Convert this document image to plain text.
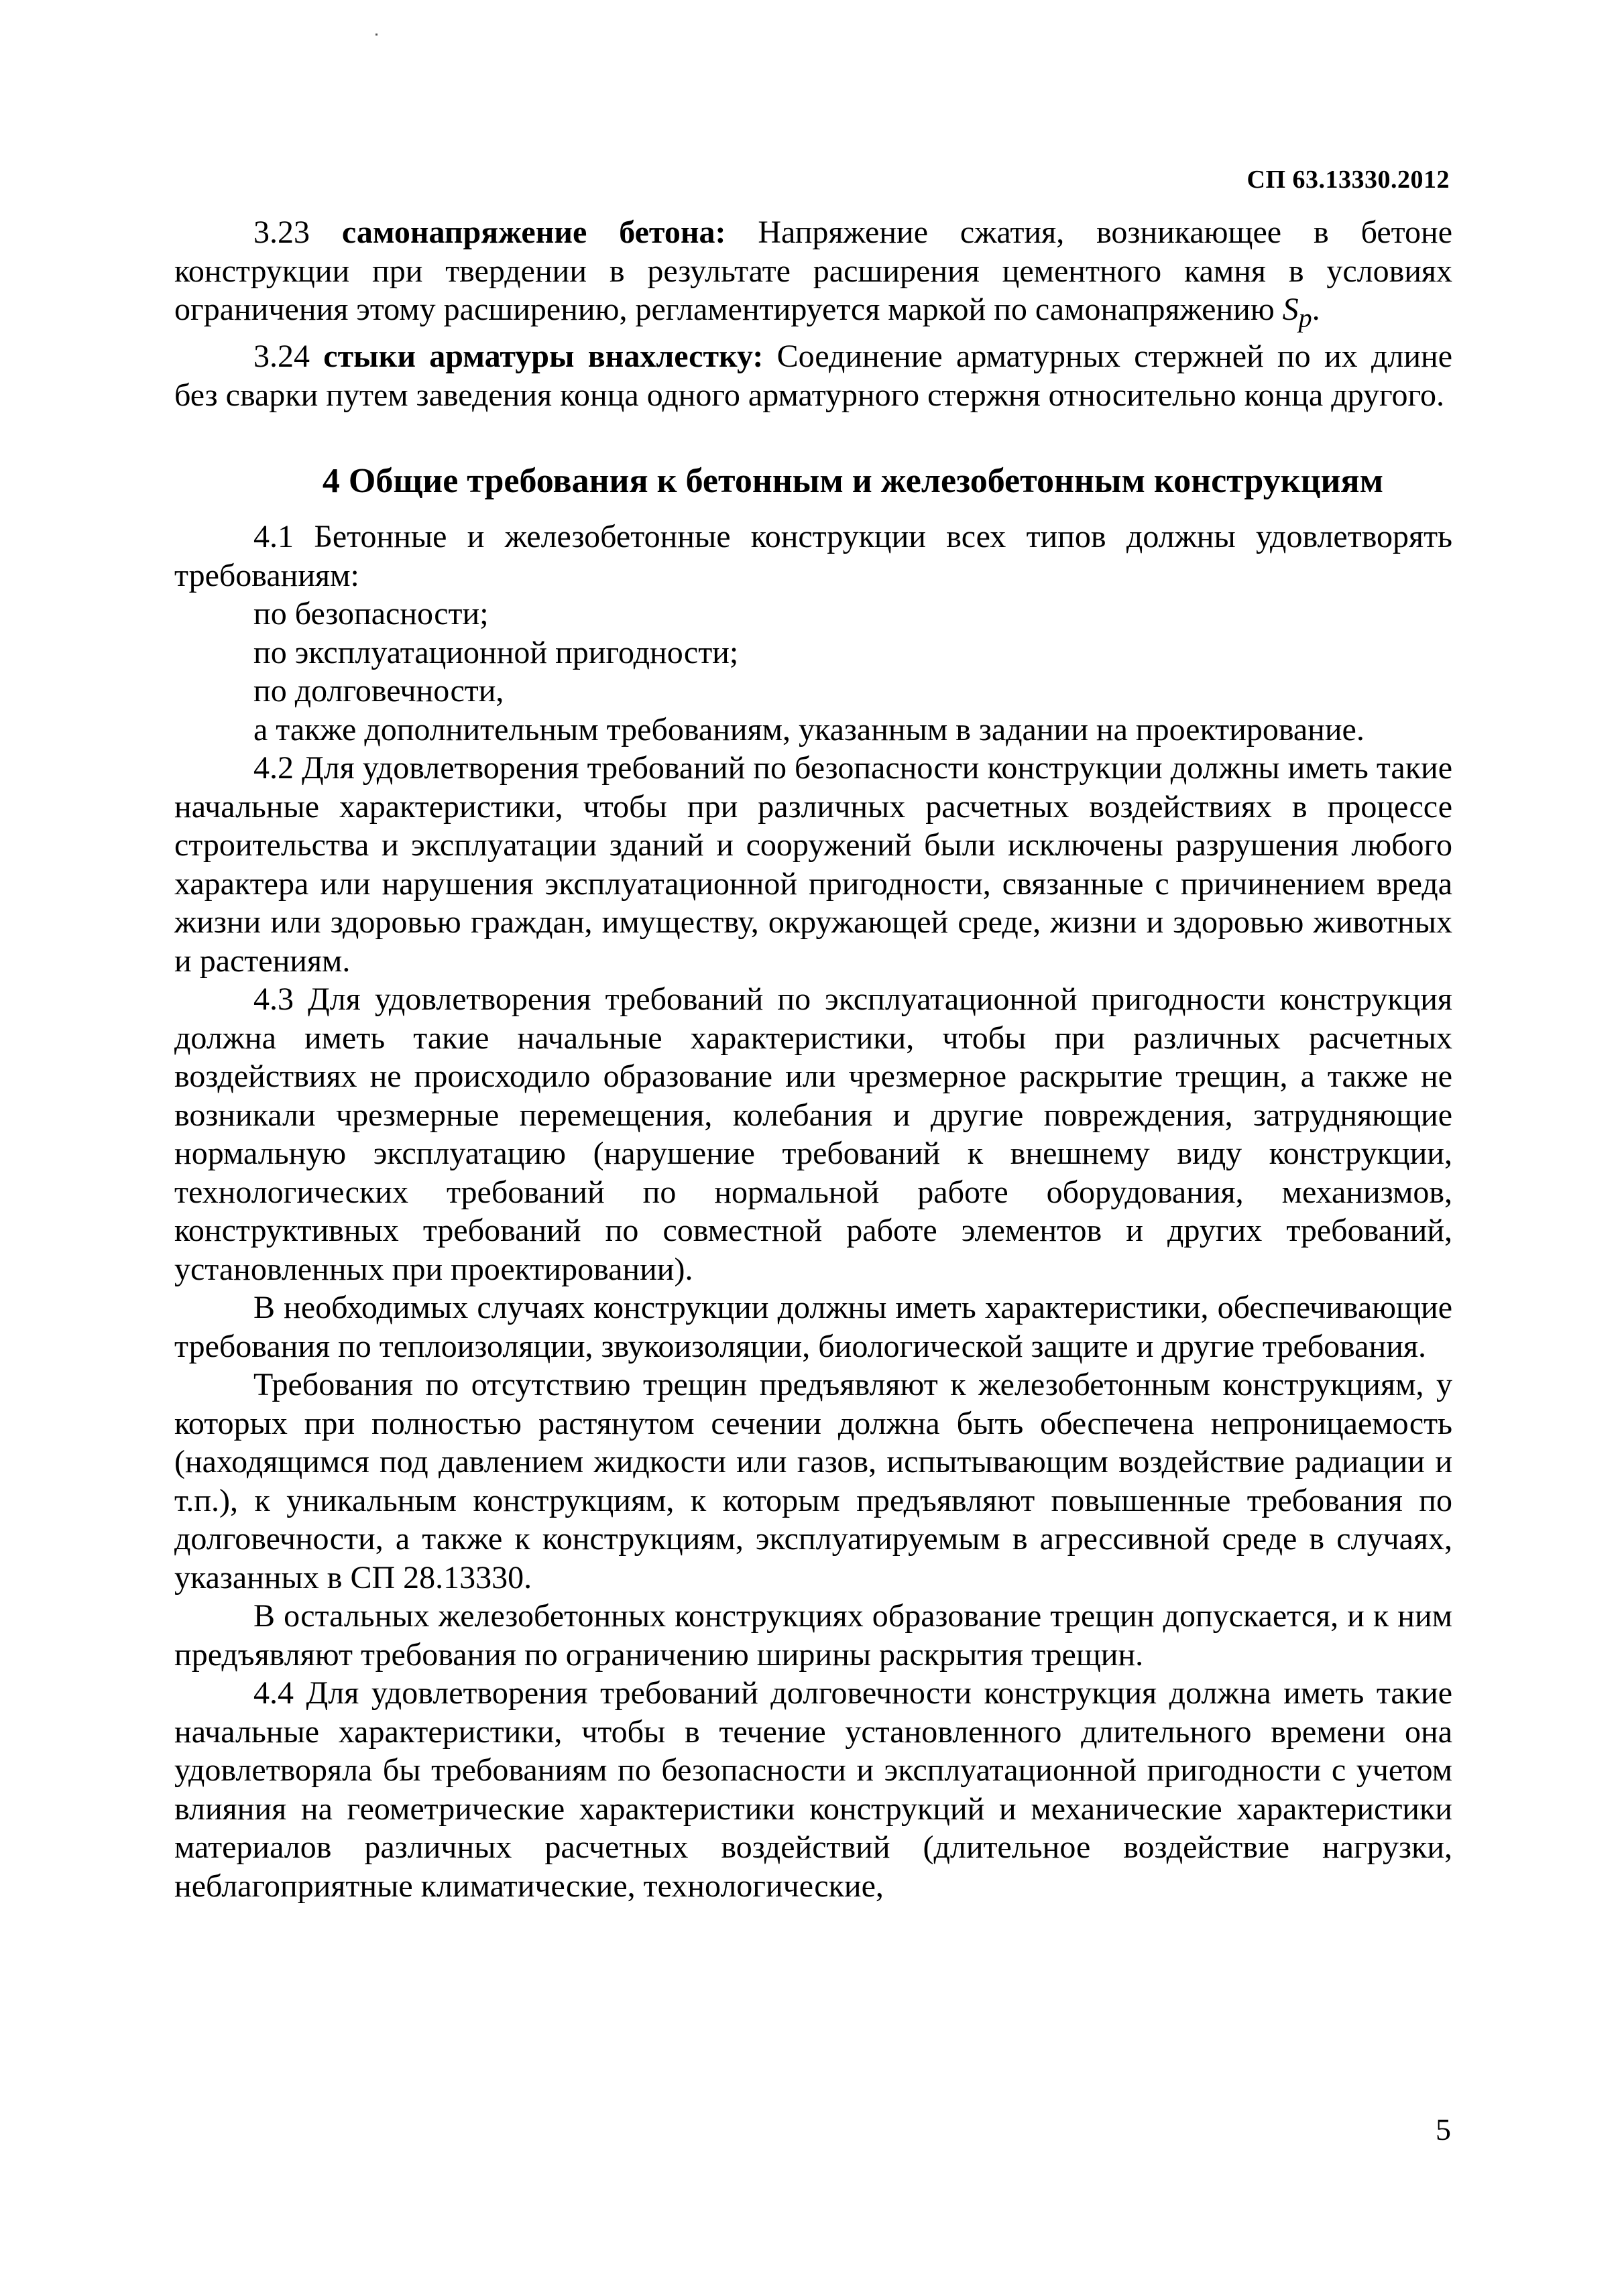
СП 63.13330.2012

3.23 самонапряжение бетона: Напряжение сжатия, возникающее в бетоне конструкции при твердении в результате расширения цементного камня в условиях ограничения этому расширению, регламентируется маркой по самонапряжению $S_p$.

3.24 стыки арматуры внахлестку: Соединение арматурных стержней по их длине без сварки путем заведения конца одного арматурного стержня относительно конца другого.

4 Общие требования к бетонным и железобетонным конструкциям

4.1 Бетонные и железобетонные конструкции всех типов должны удовлетворять требованиям:

по безопасности;

по эксплуатационной пригодности;

по долговечности,

а также дополнительным требованиям, указанным в задании на проектирование.

4.2 Для удовлетворения требований по безопасности конструкции должны иметь такие начальные характеристики, чтобы при различных расчетных воздействиях в процессе строительства и эксплуатации зданий и сооружений были исключены разрушения любого характера или нарушения эксплуатационной пригодности, связанные с причинением вреда жизни или здоровью граждан, имуществу, окружающей среде, жизни и здоровью животных и растениям.

4.3 Для удовлетворения требований по эксплуатационной пригодности конструкция должна иметь такие начальные характеристики, чтобы при различных расчетных воздействиях не происходило образование или чрезмерное раскрытие трещин, а также не возникали чрезмерные перемещения, колебания и другие повреждения, затрудняющие нормальную эксплуатацию (нарушение требований к внешнему виду конструкции, технологических требований по нормальной работе оборудования, механизмов, конструктивных требований по совместной работе элементов и других требований, установленных при проектировании).

В необходимых случаях конструкции должны иметь характеристики, обеспечивающие требования по теплоизоляции, звукоизоляции, биологической защите и другие требования.

Требования по отсутствию трещин предъявляют к железобетонным конструкциям, у которых при полностью растянутом сечении должна быть обеспечена непроницаемость (находящимся под давлением жидкости или газов, испытывающим воздействие радиации и т.п.), к уникальным конструкциям, к которым предъявляют повышенные требования по долговечности, а также к конструкциям, эксплуатируемым в агрессивной среде в случаях, указанных в СП 28.13330.

В остальных железобетонных конструкциях образование трещин допускается, и к ним предъявляют требования по ограничению ширины раскрытия трещин.

4.4 Для удовлетворения требований долговечности конструкция должна иметь такие начальные характеристики, чтобы в течение установленного длительного времени она удовлетворяла бы требованиям по безопасности и эксплуатационной пригодности с учетом влияния на геометрические характеристики конструкций и механические характеристики материалов различных расчетных воздействий (длительное воздействие нагрузки, неблагоприятные климатические, технологические,

5
